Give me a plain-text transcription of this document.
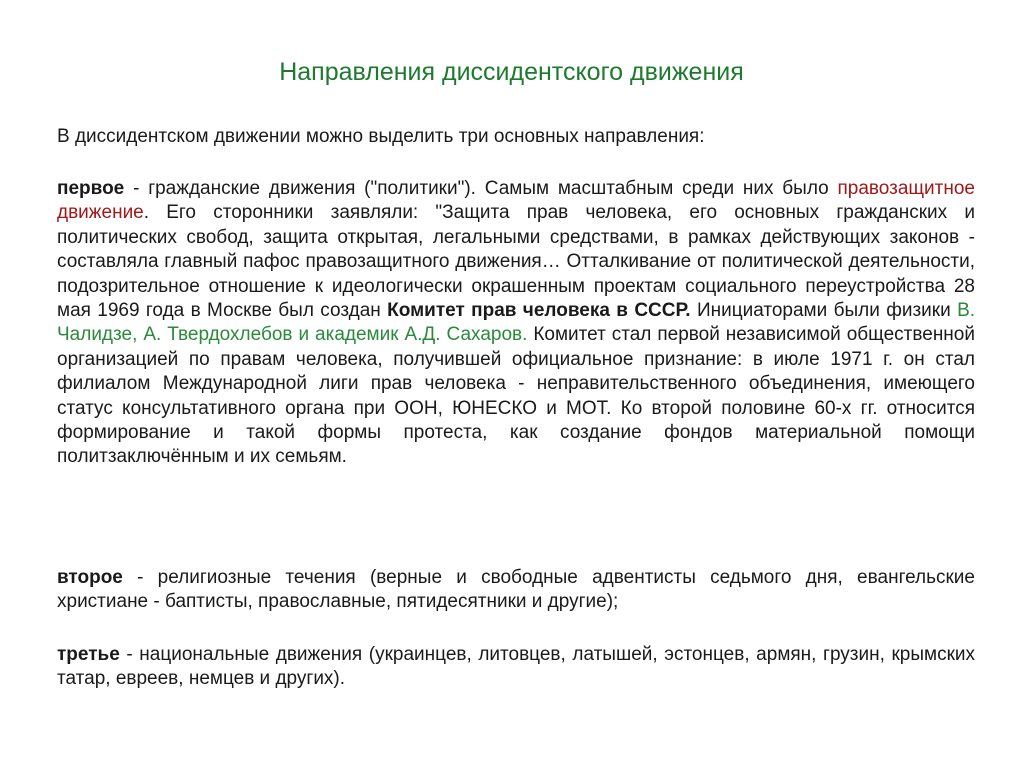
Направления диссидентского движения
В диссидентском движении можно выделить три основных направления:
первое - гражданские движения ("политики"). Самым масштабным среди них было правозащитное движение. Его сторонники заявляли: "Защита прав человека, его основных гражданских и политических свобод, защита открытая, легальными средствами, в рамках действующих законов - составляла главный пафос правозащитного движения… Отталкивание от политической деятельности, подозрительное отношение к идеологически окрашенным проектам социального переустройства 28 мая 1969 года в Москве был создан Комитет прав человека в СССР. Инициаторами были физики В. Чалидзе, А. Твердохлебов и академик А.Д. Сахаров. Комитет стал первой независимой общественной организацией по правам человека, получившей официальное признание: в июле 1971 г. он стал филиалом Международной лиги прав человека - неправительственного объединения, имеющего статус консультативного органа при ООН, ЮНЕСКО и МОТ. Ко второй половине 60-х гг. относится формирование и такой формы протеста, как создание фондов материальной помощи политзаключённым и их семьям.
второе - религиозные течения (верные и свободные адвентисты седьмого дня, евангельские христиане - баптисты, православные, пятидесятники и другие);
третье - национальные движения (украинцев, литовцев, латышей, эстонцев, армян, грузин, крымских татар, евреев, немцев и других).
